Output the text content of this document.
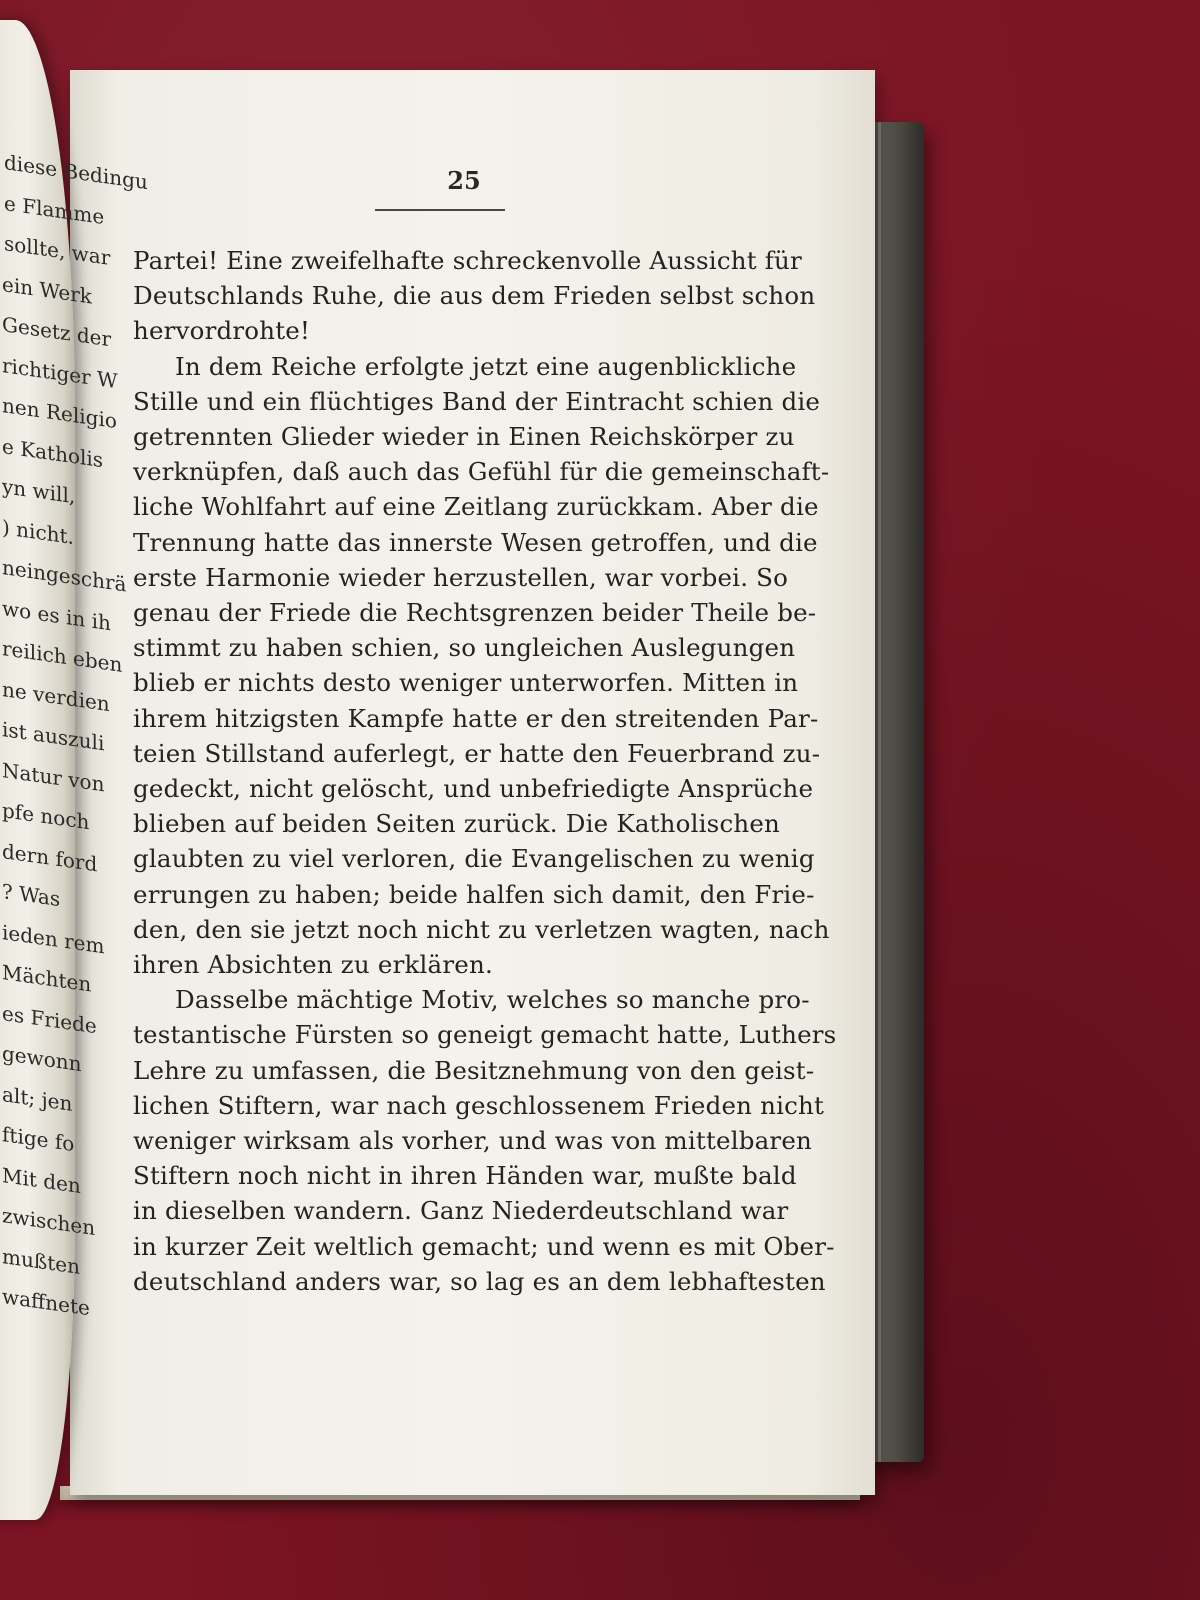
25
Partei! Eine zweifelhafte schreckenvolle Aussicht für
Deutschlands Ruhe, die aus dem Frieden selbst schon
hervordrohte!
In dem Reiche erfolgte jetzt eine augenblickliche
Stille und ein flüchtiges Band der Eintracht schien die
getrennten Glieder wieder in Einen Reichskörper zu
verknüpfen, daß auch das Gefühl für die gemeinschaft-
liche Wohlfahrt auf eine Zeitlang zurückkam. Aber die
Trennung hatte das innerste Wesen getroffen, und die
erste Harmonie wieder herzustellen, war vorbei. So
genau der Friede die Rechtsgrenzen beider Theile be-
stimmt zu haben schien, so ungleichen Auslegungen
blieb er nichts desto weniger unterworfen. Mitten in
ihrem hitzigsten Kampfe hatte er den streitenden Par-
teien Stillstand auferlegt, er hatte den Feuerbrand zu-
gedeckt, nicht gelöscht, und unbefriedigte Ansprüche
blieben auf beiden Seiten zurück. Die Katholischen
glaubten zu viel verloren, die Evangelischen zu wenig
errungen zu haben; beide halfen sich damit, den Frie-
den, den sie jetzt noch nicht zu verletzen wagten, nach
ihren Absichten zu erklären.
Dasselbe mächtige Motiv, welches so manche pro-
testantische Fürsten so geneigt gemacht hatte, Luthers
Lehre zu umfassen, die Besitznehmung von den geist-
lichen Stiftern, war nach geschlossenem Frieden nicht
weniger wirksam als vorher, und was von mittelbaren
Stiftern noch nicht in ihren Händen war, mußte bald
in dieselben wandern. Ganz Niederdeutschland war
in kurzer Zeit weltlich gemacht; und wenn es mit Ober-
deutschland anders war, so lag es an dem lebhaftesten
diese Bedingu
e Flamme
sollte, war
ein Werk
Gesetz der
richtiger W
nen Religio
e Katholis
yn will,
) nicht.
neingeschrä
wo es in ih
reilich eben
ne verdien
ist auszuli
Natur von
pfe noch
dern ford
? Was
ieden rem
Mächten
es Friede
gewonn
alt; jen
ftige fo
Mit den
zwischen
mußten
waffnete
